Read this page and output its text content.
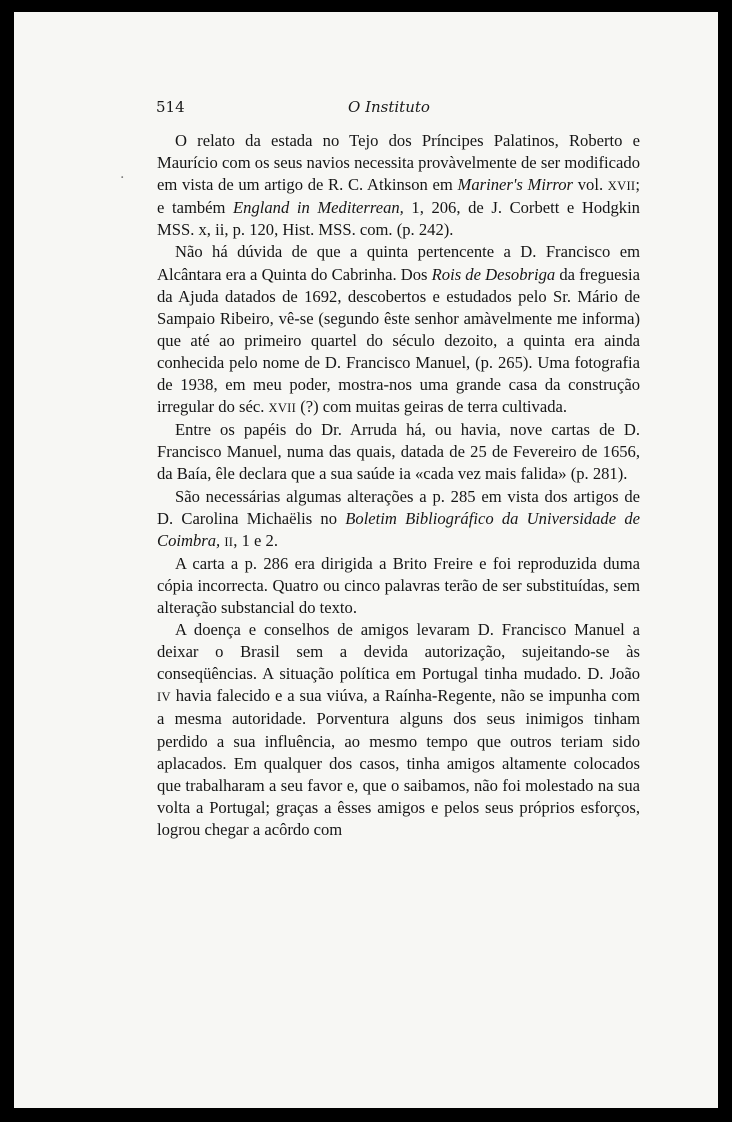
514	O Instituto
·

O relato da estada no Tejo dos Príncipes Palatinos, Roberto e Maurício com os seus navios necessita provàvelmente de ser modificado em vista de um artigo de R. C. Atkinson em Mariner's Mirror vol. XVII; e também England in Mediterrean, 1, 206, de J. Corbett e Hodgkin MSS. x, ii, p. 120, Hist. MSS. com. (p. 242).

Não há dúvida de que a quinta pertencente a D. Francisco em Alcântara era a Quinta do Cabrinha. Dos Rois de Desobriga da freguesia da Ajuda datados de 1692, descobertos e estudados pelo Sr. Mário de Sampaio Ribeiro, vê-se (segundo êste senhor amàvelmente me informa) que até ao primeiro quartel do século dezoito, a quinta era ainda conhecida pelo nome de D. Francisco Manuel, (p. 265). Uma fotografia de 1938, em meu poder, mostra-nos uma grande casa da construção irregular do séc. XVII (?) com muitas geiras de terra cultivada.

Entre os papéis do Dr. Arruda há, ou havia, nove cartas de D. Francisco Manuel, numa das quais, datada de 25 de Fevereiro de 1656, da Baía, êle declara que a sua saúde ia «cada vez mais falida» (p. 281).

São necessárias algumas alterações a p. 285 em vista dos artigos de D. Carolina Michaëlis no Boletim Bibliográfico da Universidade de Coimbra, II, 1 e 2.

A carta a p. 286 era dirigida a Brito Freire e foi reproduzida duma cópia incorrecta. Quatro ou cinco palavras terão de ser substituídas, sem alteração substancial do texto.

A doença e conselhos de amigos levaram D. Francisco Manuel a deixar o Brasil sem a devida autorização, sujeitando-se às conseqüências. A situação política em Portugal tinha mudado. D. João IV havia falecido e a sua viúva, a Raínha-Regente, não se impunha com a mesma autoridade. Porventura alguns dos seus inimigos tinham perdido a sua influência, ao mesmo tempo que outros teriam sido aplacados. Em qualquer dos casos, tinha amigos altamente colocados que trabalharam a seu favor e, que o saibamos, não foi molestado na sua volta a Portugal; graças a êsses amigos e pelos seus próprios esforços, logrou chegar a acôrdo com
